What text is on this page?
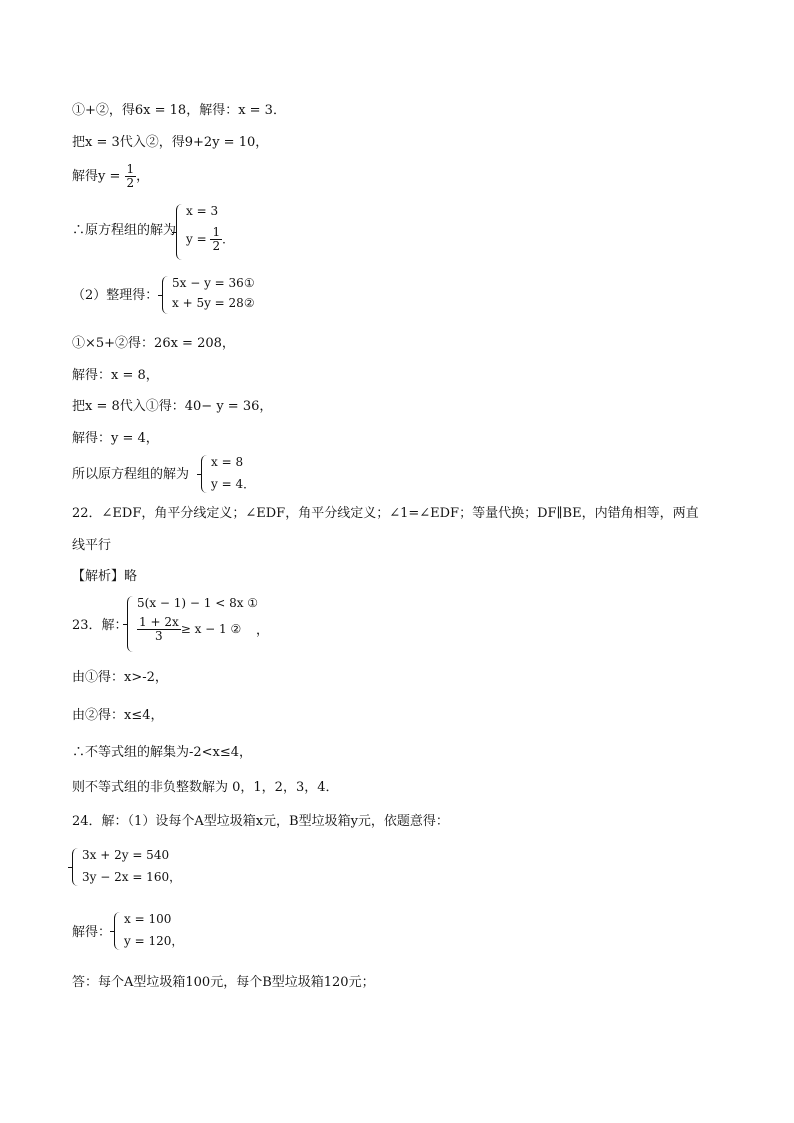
①+②，得6x = 18，解得：x = 3．
把x = 3代入②，得9+2y = 10，
解得$y = \frac{1}{2}$ ，
∴原方程组的解为
x = 3
$y = \frac{1}{2}$ ．
（2）整理得：
5x − y = 36①
x + 5y = 28②
①×5+②得：26x = 208，
解得：x = 8，
把x = 8代入①得：40− y = 36，
解得：y = 4，
所以原方程组的解为
x = 8
y = 4．
22．∠EDF，角平分线定义；∠EDF，角平分线定义；∠1=∠EDF；等量代换；DF∥BE，内错角相等，两直
线平行
【解析】略
23．解：
5(x − 1) − 1 < 8x ①
$\frac{1 + 2x}{3} \ge x - 1$ ② ，
由①得：x>-2，
由②得：x≤4，
∴不等式组的解集为-2<x≤4，
则不等式组的非负整数解为 0，1，2，3，4．
24．解：（1）设每个A型垃圾箱x元，B型垃圾箱y元，依题意得：
3x + 2y = 540
3y − 2x = 160，
解得：
x = 100
y = 120，
答：每个A型垃圾箱100元，每个B型垃圾箱120元；
